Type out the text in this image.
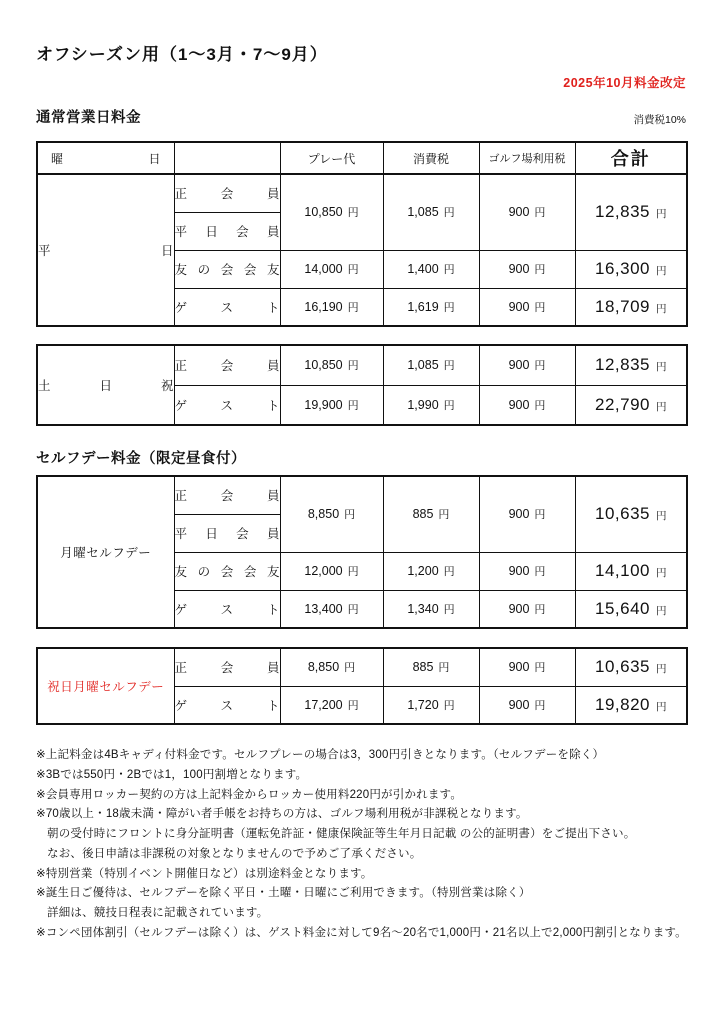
オフシーズン用（1～3月・7～9月）
2025年10月料金改定
通常営業日料金	消費税10%
曜日		プレー代	消費税	ゴルフ場利用税	合計
平日	正会員	10,850 円	1,085 円	900 円	12,835 円
	平日会員				
	友の会会友	14,000 円	1,400 円	900 円	16,300 円
	ゲスト	16,190 円	1,619 円	900 円	18,709 円
土日祝	正会員	10,850 円	1,085 円	900 円	12,835 円
	ゲスト	19,900 円	1,990 円	900 円	22,790 円
セルフデー料金（限定昼食付）
月曜セルフデー	正会員	8,850 円	885 円	900 円	10,635 円
	平日会員				
	友の会会友	12,000 円	1,200 円	900 円	14,100 円
	ゲスト	13,400 円	1,340 円	900 円	15,640 円
祝日月曜セルフデー	正会員	8,850 円	885 円	900 円	10,635 円
	ゲスト	17,200 円	1,720 円	900 円	19,820 円
※上記料金は4Bキャディ付料金です。セルフプレーの場合は3，300円引きとなります。（セルフデーを除く）
※3Bでは550円・2Bでは1，100円割増となります。
※会員専用ロッカー契約の方は上記料金からロッカー使用料220円が引かれます。
※70歳以上・18歳未満・障がい者手帳をお持ちの方は、ゴルフ場利用税が非課税となります。
朝の受付時にフロントに身分証明書（運転免許証・健康保険証等生年月日記載 の公的証明書）をご提出下さい。
なお、後日申請は非課税の対象となりませんので予めご了承ください。
※特別営業（特別イベント開催日など）は別途料金となります。
※誕生日ご優待は、セルフデーを除く平日・土曜・日曜にご利用できます。（特別営業は除く）
詳細は、競技日程表に記載されています。
※コンペ団体割引（セルフデーは除く）は、ゲスト料金に対して9名～20名で1,000円・21名以上で2,000円割引となります。
